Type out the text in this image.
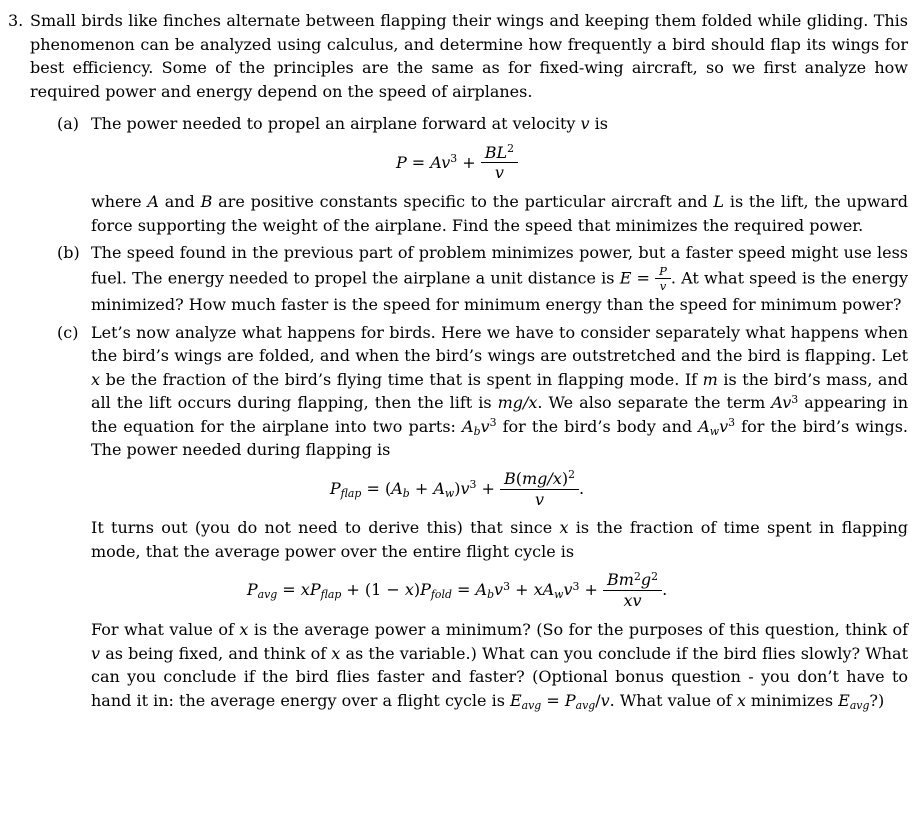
3. Small birds like finches alternate between flapping their wings and keeping them folded while gliding. This phenomenon can be analyzed using calculus, and determine how frequently a bird should flap its wings for best efficiency. Some of the principles are the same as for fixed-wing aircraft, so we first analyze how required power and energy depend on the speed of airplanes.

(a) The power needed to propel an airplane forward at velocity v is

$P = Av^3 + \frac{BL^2}{v}$

where A and B are positive constants specific to the particular aircraft and L is the lift, the upward force supporting the weight of the airplane. Find the speed that minimizes the required power.

(b) The speed found in the previous part of problem minimizes power, but a faster speed might use less fuel. The energy needed to propel the airplane a unit distance is $E = \frac{P}{v}$ . At what speed is the energy minimized? How much faster is the speed for minimum energy than the speed for minimum power?

(c) Let’s now analyze what happens for birds. Here we have to consider separately what happens when the bird’s wings are folded, and when the bird’s wings are outstretched and the bird is flapping. Let x be the fraction of the bird’s flying time that is spent in flapping mode. If m is the bird’s mass, and all the lift occurs during flapping, then the lift is mg/x. We also separate the term Av$^3$ appearing in the equation for the airplane into two parts: Abv$^3$ for the bird’s body and Awv$^3$ for the bird’s wings. The power needed during flapping is

Pflap = $(Ab + Aw)v^3 + \frac{B(mg/x)^2}{v}$ .

It turns out (you do not need to derive this) that since x is the fraction of time spent in flapping mode, that the average power over the entire flight cycle is

Pavg = xPflap + (1 − x)Pfold = Abv$^3$ + xAwv$^3$ + $\frac{Bm^2g^2}{xv}$ .

For what value of x is the average power a minimum? (So for the purposes of this question, think of v as being fixed, and think of x as the variable.) What can you conclude if the bird flies slowly? What can you conclude if the bird flies faster and faster? (Optional bonus question - you don’t have to hand it in: the average energy over a flight cycle is Eavg = Pavg/v. What value of x minimizes Eavg?)
